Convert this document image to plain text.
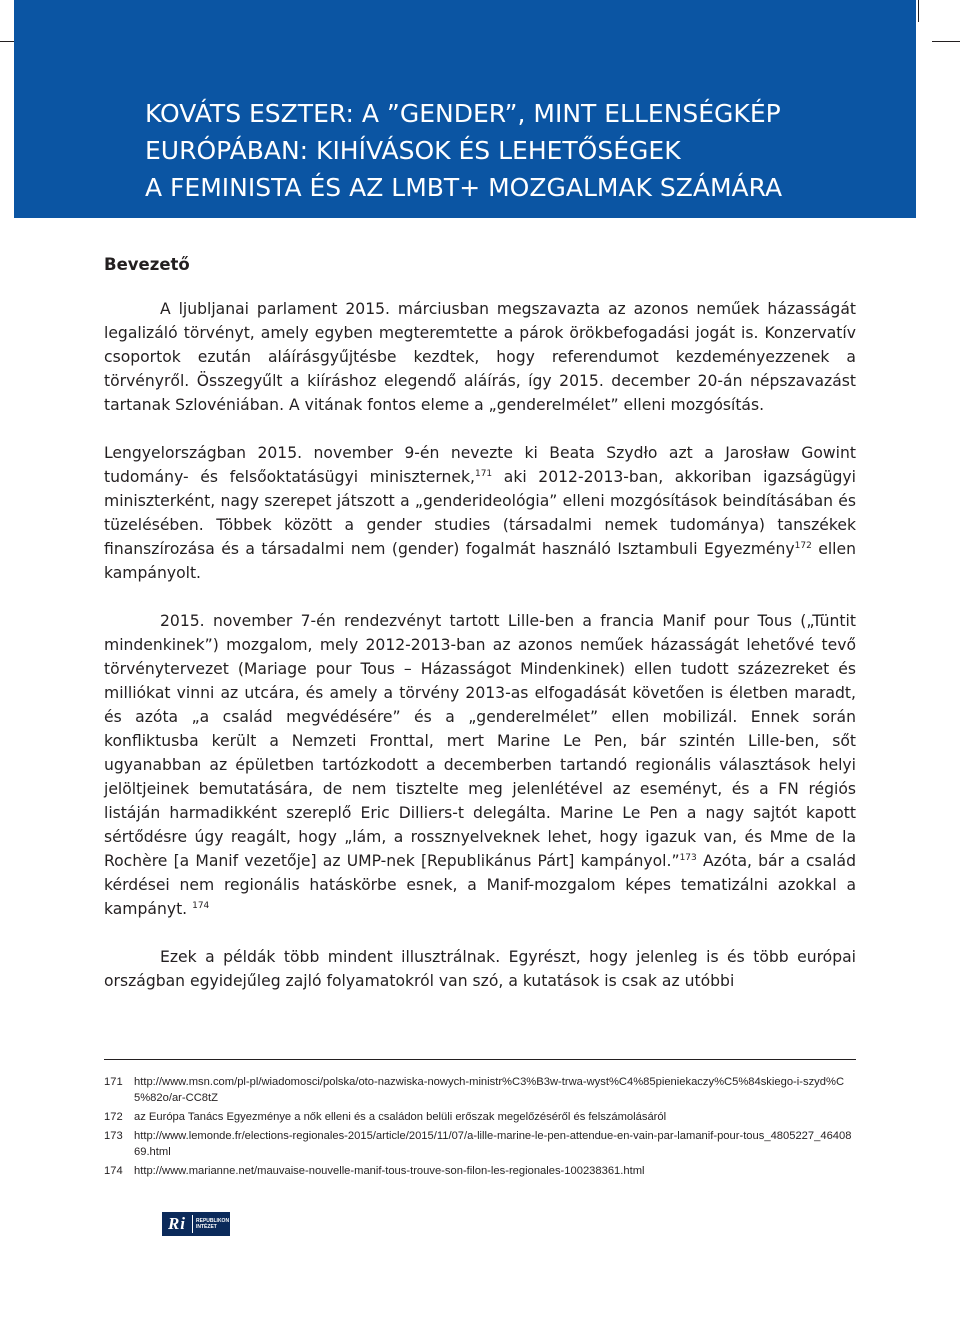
KOVÁTS ESZTER: A ”GENDER”, MINT ELLENSÉGKÉP
EURÓPÁBAN: KIHÍVÁSOK ÉS LEHETŐSÉGEK
A FEMINISTA ÉS AZ LMBT+ MOZGALMAK SZÁMÁRA
Bevezető

A ljubljanai parlament 2015. márciusban megszavazta az azonos neműek házasságát legalizáló törvényt, amely egyben megteremtette a párok örökbefogadási jogát is. Konzervatív csoportok ezután aláírásgyűjtésbe kezdtek, hogy referendumot kezdeményezzenek a törvényről. Összegyűlt a kiíráshoz elegendő aláírás, így 2015. december 20-án népszavazást tartanak Szlovéniában. A vitának fontos eleme a „genderelmélet” elleni mozgósítás.

Lengyelországban 2015. november 9-én nevezte ki Beata Szydło azt a Jarosław Gowint tudomány- és felsőoktatásügyi miniszternek,$^{171}$ aki 2012-2013-ban, akkoriban igazságügyi miniszterként, nagy szerepet játszott a „genderideológia” elleni mozgósítások beindításában és tüzelésében. Többek között a gender studies (társadalmi nemek tudománya) tanszékek finanszírozása és a társadalmi nem (gender) fogalmát használó Isztambuli Egyezmény$^{172}$ ellen kampányolt.

2015. november 7-én rendezvényt tartott Lille-ben a francia Manif pour Tous („Tüntit mindenkinek”) mozgalom, mely 2012-2013-ban az azonos neműek házasságát lehetővé tevő törvénytervezet (Mariage pour Tous – Házasságot Mindenkinek) ellen tudott százezreket és milliókat vinni az utcára, és amely a törvény 2013-as elfogadását követően is életben maradt, és azóta „a család megvédésére” és a „genderelmélet” ellen mobilizál. Ennek során konfliktusba került a Nemzeti Fronttal, mert Marine Le Pen, bár szintén Lille-ben, sőt ugyanabban az épületben tartózkodott a decemberben tartandó regionális választások helyi jelöltjeinek bemutatására, de nem tisztelte meg jelenlétével az eseményt, és a FN régiós listáján harmadikként szereplő Eric Dilliers-t delegálta. Marine Le Pen a nagy sajtót kapott sértődésre úgy reagált, hogy „lám, a rossznyelveknek lehet, hogy igazuk van, és Mme de la Rochère [a Manif vezetője] az UMP-nek [Republikánus Párt] kampányol.”$^{173}$ Azóta, bár a család kérdései nem regionális hatáskörbe esnek, a Manif-mozgalom képes tematizálni azokkal a kampányt. $^{174}$

Ezek a példák több mindent illusztrálnak. Egyrészt, hogy jelenleg is és több európai országban egyidejűleg zajló folyamatokról van szó, a kutatások is csak az utóbbi

171	http://www.msn.com/pl-pl/wiadomosci/polska/oto-nazwiska-nowych-ministr%C3%B3w-trwa-wyst%C4%85pieniekaczy%C5%84skiego-i-szyd%C5%82o/ar-CC8tZ
172	az Európa Tanács Egyezménye a nők elleni és a családon belüli erőszak megelőzéséről és felszámolásáról
173	http://www.lemonde.fr/elections-regionales-2015/article/2015/11/07/a-lille-marine-le-pen-attendue-en-vain-par-lamanif-pour-tous_4805227_4640869.html
174	http://www.marianne.net/mauvaise-nouvelle-manif-tous-trouve-son-filon-les-regionales-100238361.html
Ri	REPUBLIKON
INTÉZET
